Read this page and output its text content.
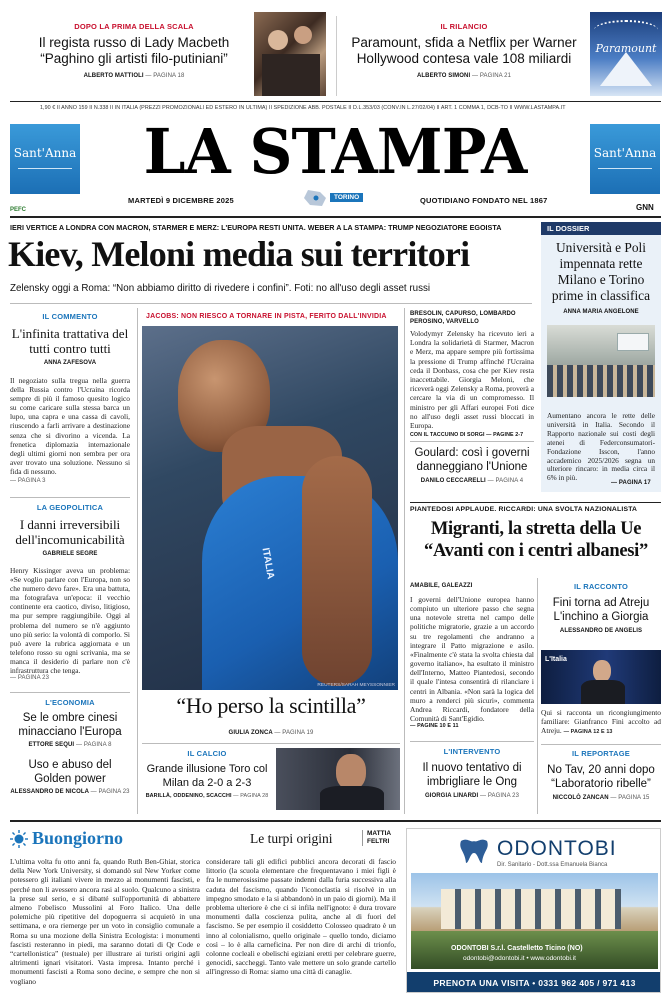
DOPO LA PRIMA DELLA SCALA
Il regista russo di Lady Macbeth
“Paghino gli artisti filo-putiniani”
ALBERTO MATTIOLI — PAGINA 18
IL RILANCIO
Paramount, sfida a Netflix per Warner
Hollywood contesa vale 108 miliardi
ALBERTO SIMONI — PAGINA 21
Paramount
1,90 € II ANNO 159 II N.338 II IN ITALIA (PREZZI PROMOZIONALI ED ESTERO IN ULTIMA) II SPEDIZIONE ABB. POSTALE II D.L.353/03 (CONV.IN L.27/02/04) II ART. 1 COMMA 1, DCB-TO II WWW.LASTAMPA.IT
Sant'Anna
PEFC
LA STAMPA
MARTEDÌ 9 DICEMBRE 2025	TORINO	QUOTIDIANO FONDATO NEL 1867
Sant'Anna
GNN
IERI VERTICE A LONDRA CON MACRON, STARMER E MERZ: L'EUROPA RESTI UNITA. WEBER A LA STAMPA: TRUMP NEGOZIATORE EGOISTA
Kiev, Meloni media sui territori
Zelensky oggi a Roma: “Non abbiamo diritto di rivedere i confini”. Foti: no all'uso degli asset russi
IL COMMENTO
L'infinita trattativa del tutti contro tutti
ANNA ZAFESOVA
Il negoziato sulla tregua nella guerra della Russia contro l'Ucraina ricorda sempre di più il famoso quesito logico su come caricare sulla stessa barca un lupo, una capra e una cassa di cavoli, riuscendo a farli arrivare a destinazione senza che si divorino a vicenda. La frenetica diplomazia internazionale degli ultimi giorni non sembra per ora aver trovato una soluzione. Nessuno si fida di nessuno.
— PAGINA 3
LA GEOPOLITICA
I danni irreversibili dell'incomunicabilità
GABRIELE SEGRE
Henry Kissinger aveva un problema: «Se voglio parlare con l'Europa, non so che numero devo fare». Era una battuta, ma fotografava un'epoca: il vecchio continente era caotico, diviso, litigioso, ma pur sempre raggiungibile. Oggi al problema del numero se n'è aggiunto uno più serio: la volontà di comporlo. Si può avere la rubrica aggiornata e un telefono rosso su ogni scrivania, ma se manca il desiderio di parlare non c'è infrastruttura che tenga.
— PAGINA 23
L'ECONOMIA
Se le ombre cinesi minacciano l'Europa
ETTORE SEQUI — PAGINA 8
Uso e abuso del Golden power
ALESSANDRO DE NICOLA — PAGINA 23
JACOBS: NON RIESCO A TORNARE IN PISTA, FERITO DALL'INVIDIA
ITALIA
REUTERS/SARAH MEYSSONNIER
“Ho perso la scintilla”
GIULIA ZONCA — PAGINA 19
IL CALCIO
Grande illusione Toro col Milan da 2-0 a 2-3
BARILLÀ, ODDENINO, SCACCHI — PAGINA 28
BRESOLIN, CAPURSO, LOMBARDO PEROSINO, VARVELLO
Volodymyr Zelensky ha ricevuto ieri a Londra la solidarietà di Starmer, Macron e Merz, ma appare sempre più fortissima la pressione di Trump affinché l'Ucraina ceda il Donbass, cosa che per Kiev resta inaccettabile. Giorgia Meloni, che riceverà oggi Zelensky a Roma, proverà a cercare la via di un compromesso. Il ministro per gli Affari europei Foti dice no all'uso degli asset russi bloccati in Europa.
CON IL TACCUINO DI SORGI — PAGINE 2-7
Goulard: così i governi danneggiano l'Unione
DANILO CECCARELLI — PAGINA 4
IL DOSSIER
Università e Poli impennata rette Milano e Torino prime in classifica
ANNA MARIA ANGELONE
Aumentano ancora le rette delle università in Italia. Secondo il Rapporto nazionale sui costi degli atenei di Federconsumatori-Fondazione Isscon, l'anno accademico 2025/2026 segna un ulteriore rincaro: in media circa il 6% in più.
— PAGINA 17
PIANTEDOSI APPLAUDE. RICCARDI: UNA SVOLTA NAZIONALISTA
Migranti, la stretta della Ue
“Avanti con i centri albanesi”
AMABILE, GALEAZZI
I governi dell'Unione europea hanno compiuto un ulteriore passo che segna una notevole stretta nel campo delle politiche migratorie, grazie a un accordo su tre regolamenti che andranno a integrare il Patto migrazione e asilo. «Finalmente c'è stata la svolta chiesta dal governo italiano», ha esultato il ministro dell'Interno, Matteo Piantedosi, secondo il quale l'intesa consentirà di rilanciare i centri in Albania. «Non sarà la logica del muro a renderci più sicuri», commenta Andrea Riccardi, fondatore della Comunità di Sant'Egidio.
— PAGINE 10 E 11
L'INTERVENTO
Il nuovo tentativo di imbrigliare le Ong
GIORGIA LINARDI — PAGINA 23
IL RACCONTO
Fini torna ad Atreju L'inchino a Giorgia
ALESSANDRO DE ANGELIS
L'Italia
Qui si racconta un ricongiungimento familiare: Gianfranco Fini accolto ad Atreju. — PAGINA 12 E 13
IL REPORTAGE
No Tav, 20 anni dopo “Laboratorio ribelle”
NICCOLÒ ZANCAN — PAGINA 15
Buongiorno	Le turpi origini	MATTIA
FELTRI
L'ultima volta fu otto anni fa, quando Ruth Ben-Ghiat, storica della New York University, si domandò sul New Yorker come potessero gli italiani vivere in mezzo ai monumenti fascisti, e perché non li avessero ancora rasi al suolo. Qualcuno a sinistra la prese sul serio, e si dibatté sull'opportunità di abbattere almeno l'obelisco Mussolini al Foro Italico. Una delle polemiche più ripetitive del dopoguerra si acquietò in una settimana, e ora riemerge per un voto in consiglio comunale a Roma su una mozione della Sinistra Ecologista: i monumenti fascisti resteranno in piedi, ma saranno dotati di Qr Code e “cartellonistica” (testuale) per illustrare ai turisti origini agli altrimenti ignari visitatori. Vasta impresa. Intanto perché i monumenti fascisti a Roma sono decine, e sempre che non si vogliano
considerare tali gli edifici pubblici ancora decorati di fascio littorio (la scuola elementare che frequentavano i miei figli è fra le numerosissime passate indenni dalla furia successiva alla caduta del fascismo, quando l'iconoclastia si risolvè in un impegno smodato e la si abbandonò in un paio di giorni). Ma il problema ulteriore è che ci si infila nell'ignoto: è dura trovare monumenti dalla coscienza pulita, anche al di fuori del fascismo. Se per esempio il cosiddetto Colosseo quadrato è un inno al colonialismo, quello originale – quello tondo, diciamo così – lo è alla carneficina. Per non dire di archi di trionfo, colonne cocleali e obelischi egiziani eretti per celebrare guerre, genocidi, saccheggi. Tanto vale mettere un solo grande cartello all'ingresso di Roma: siamo una città di canaglie.
ODONTOBI
Dir. Sanitario - Dott.ssa Emanuela Bianca
ODONTOBI S.r.l. Castelletto Ticino (NO)
odontobi@odontobi.it • www.odontobi.it
PRENOTA UNA VISITA • 0331 962 405 / 971 413
